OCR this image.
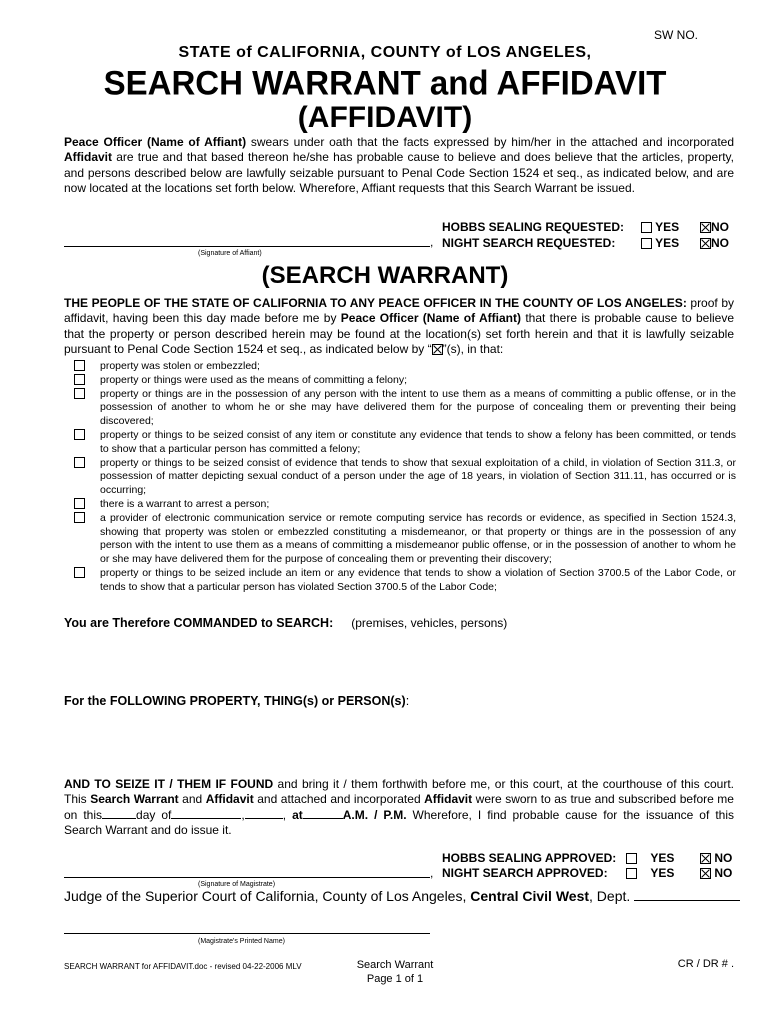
SW NO.
STATE of CALIFORNIA, COUNTY of LOS ANGELES,
SEARCH WARRANT and AFFIDAVIT
(AFFIDAVIT)
Peace Officer (Name of Affiant) swears under oath that the facts expressed by him/her in the attached and incorporated Affidavit are true and that based thereon he/she has probable cause to believe and does believe that the articles, property, and persons described below are lawfully seizable pursuant to Penal Code Section 1524 et seq., as indicated below, and are now located at the locations set forth below. Wherefore, Affiant requests that this Search Warrant be issued.
HOBBS SEALING REQUESTED:	YES	NO
, NIGHT SEARCH REQUESTED:	YES	NO
(Signature of Affiant)
(SEARCH WARRANT)
THE PEOPLE OF THE STATE OF CALIFORNIA TO ANY PEACE OFFICER IN THE COUNTY OF LOS ANGELES: proof by affidavit, having been this day made before me by Peace Officer (Name of Affiant) that there is probable cause to believe that the property or person described herein may be found at the location(s) set forth herein and that it is lawfully seizable pursuant to Penal Code Section 1524 et seq., as indicated below by “ ”(s), in that:
property was stolen or embezzled;
property or things were used as the means of committing a felony;
property or things are in the possession of any person with the intent to use them as a means of committing a public offense, or in the possession of another to whom he or she may have delivered them for the purpose of concealing them or preventing their being discovered;
property or things to be seized consist of any item or constitute any evidence that tends to show a felony has been committed, or tends to show that a particular person has committed a felony;
property or things to be seized consist of evidence that tends to show that sexual exploitation of a child, in violation of Section 311.3, or possession of matter depicting sexual conduct of a person under the age of 18 years, in violation of Section 311.11, has occurred or is occurring;
there is a warrant to arrest a person;
a provider of electronic communication service or remote computing service has records or evidence, as specified in Section 1524.3, showing that property was stolen or embezzled constituting a misdemeanor, or that property or things are in the possession of any person with the intent to use them as a means of committing a misdemeanor public offense, or in the possession of another to whom he or she may have delivered them for the purpose of concealing them or preventing their discovery;
property or things to be seized include an item or any evidence that tends to show a violation of Section 3700.5 of the Labor Code, or tends to show that a particular person has violated Section 3700.5 of the Labor Code;
You are Therefore COMMANDED to SEARCH: (premises, vehicles, persons)
For the FOLLOWING PROPERTY, THING(s) or PERSON(s):
AND TO SEIZE IT / THEM IF FOUND and bring it / them forthwith before me, or this court, at the courthouse of this court. This Search Warrant and Affidavit and attached and incorporated Affidavit were sworn to as true and subscribed before me on this	day of	,	, at	A.M. / P.M. Wherefore, I find probable cause for the issuance of this Search Warrant and do issue it.
HOBBS SEALING APPROVED:	YES	NO
, NIGHT SEARCH APPROVED:	YES	NO
(Signature of Magistrate)
Judge of the Superior Court of California, County of Los Angeles, Central Civil West, Dept.
(Magistrate's Printed Name)
SEARCH WARRANT for AFFIDAVIT.doc - revised 04-22-2006 MLV	Search Warrant
Page 1 of 1
CR / DR # .
